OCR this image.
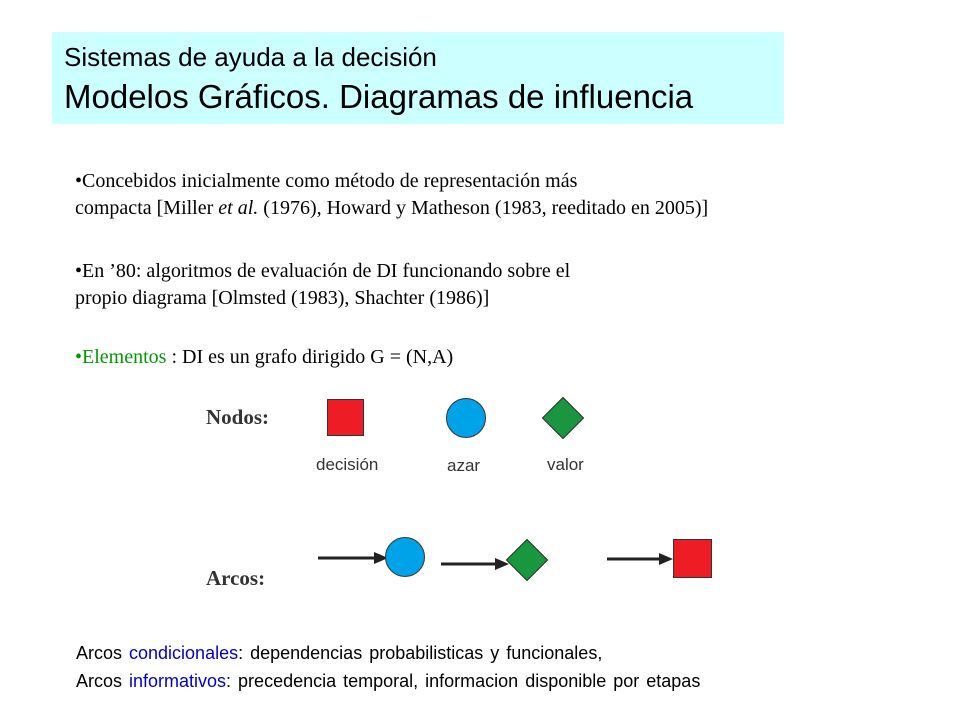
Sistemas de ayuda a la decisión
Modelos Gráficos. Diagramas de influencia
•Concebidos inicialmente como método de representación más
compacta [Miller et al. (1976), Howard y Matheson (1983, reeditado en 2005)]
•En ’80: algoritmos de evaluación de DI funcionando sobre el
propio diagrama [Olmsted (1983), Shachter (1986)]
•Elementos : DI es un grafo dirigido G = (N,A)
Nodos:
decisión	azar	valor
Arcos:
Arcos condicionales: dependencias probabilisticas y funcionales,
Arcos informativos: precedencia temporal, informacion disponible por etapas
